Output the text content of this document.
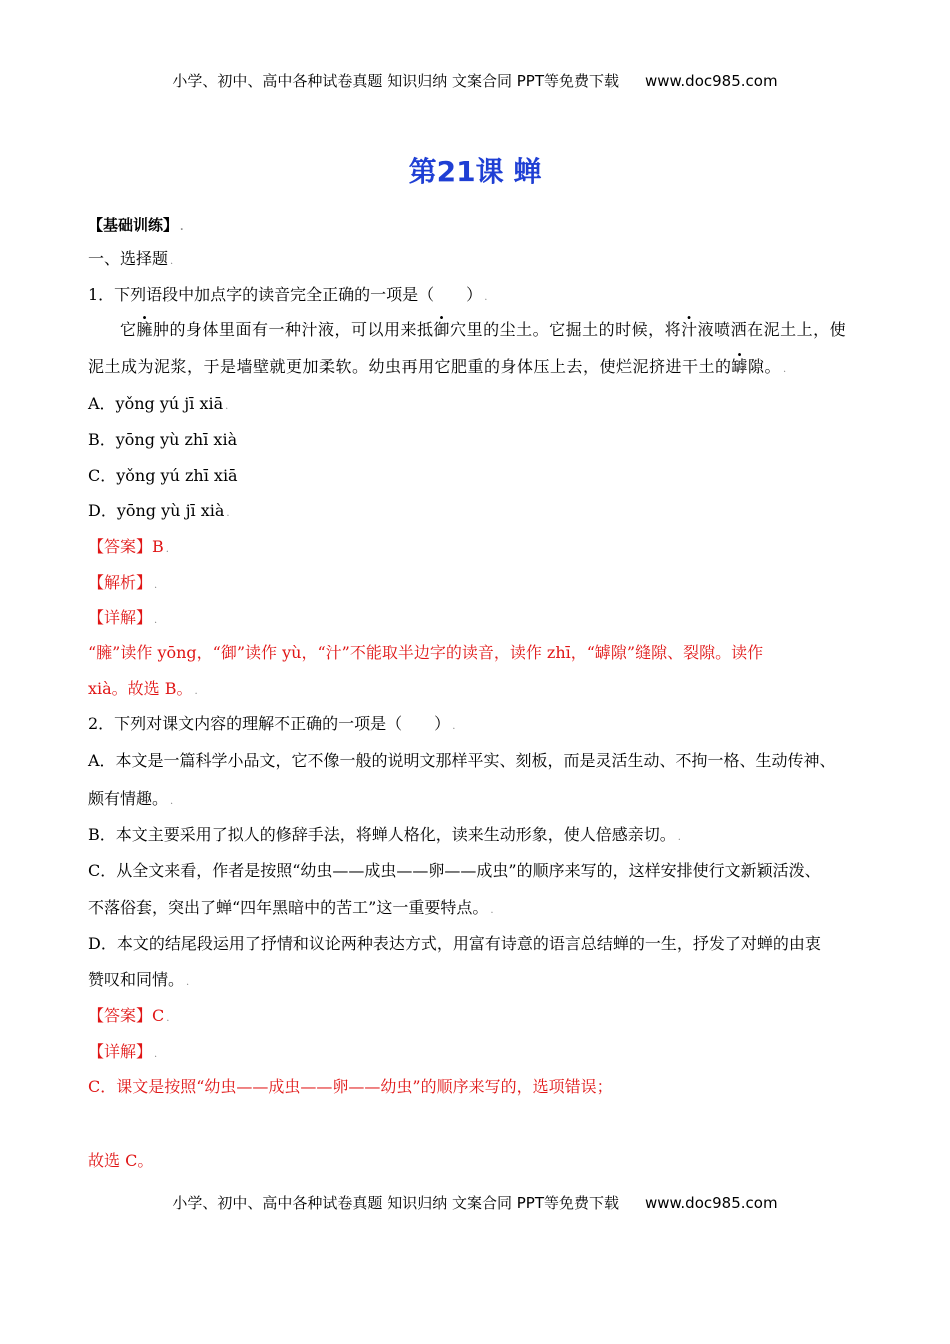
小学、初中、高中各种试卷真题 知识归纳 文案合同 PPT等免费下载 www.doc985.com
第21课 蝉
【基础训练】 .
一、选择题 .
1．下列语段中加点字的读音完全正确的一项是（　　） .
它臃肿的身体里面有一种汁液，可以用来抵御穴里的尘土。它掘土的时候，将汁液喷洒在泥土上，使
泥土成为泥浆，于是墙壁就更加柔软。幼虫再用它肥重的身体压上去，使烂泥挤进干土的罅隙。 .
A．yǒng yú jī xiā .
B．yōng yù zhī xià
C．yǒng yú zhī xiā
D．yōng yù jī xià .
【答案】B .
【解析】 .
【详解】 .
“臃”读作 yōng，“御”读作 yù，“汁”不能取半边字的读音，读作 zhī，“罅隙”缝隙、裂隙。读作
xià。故选 B。 .
2．下列对课文内容的理解不正确的一项是（　　） .
A．本文是一篇科学小品文，它不像一般的说明文那样平实、刻板，而是灵活生动、不拘一格、生动传神、
颇有情趣。 .
B．本文主要采用了拟人的修辞手法，将蝉人格化，读来生动形象，使人倍感亲切。 .
C．从全文来看，作者是按照“幼虫——成虫——卵——成虫”的顺序来写的，这样安排使行文新颖活泼、
不落俗套，突出了蝉“四年黑暗中的苦工”这一重要特点。 .
D．本文的结尾段运用了抒情和议论两种表达方式，用富有诗意的语言总结蝉的一生，抒发了对蝉的由衷
赞叹和同情。 .
【答案】C .
【详解】 .
C．课文是按照“幼虫——成虫——卵——幼虫”的顺序来写的，选项错误；
故选 C。
小学、初中、高中各种试卷真题 知识归纳 文案合同 PPT等免费下载 www.doc985.com
